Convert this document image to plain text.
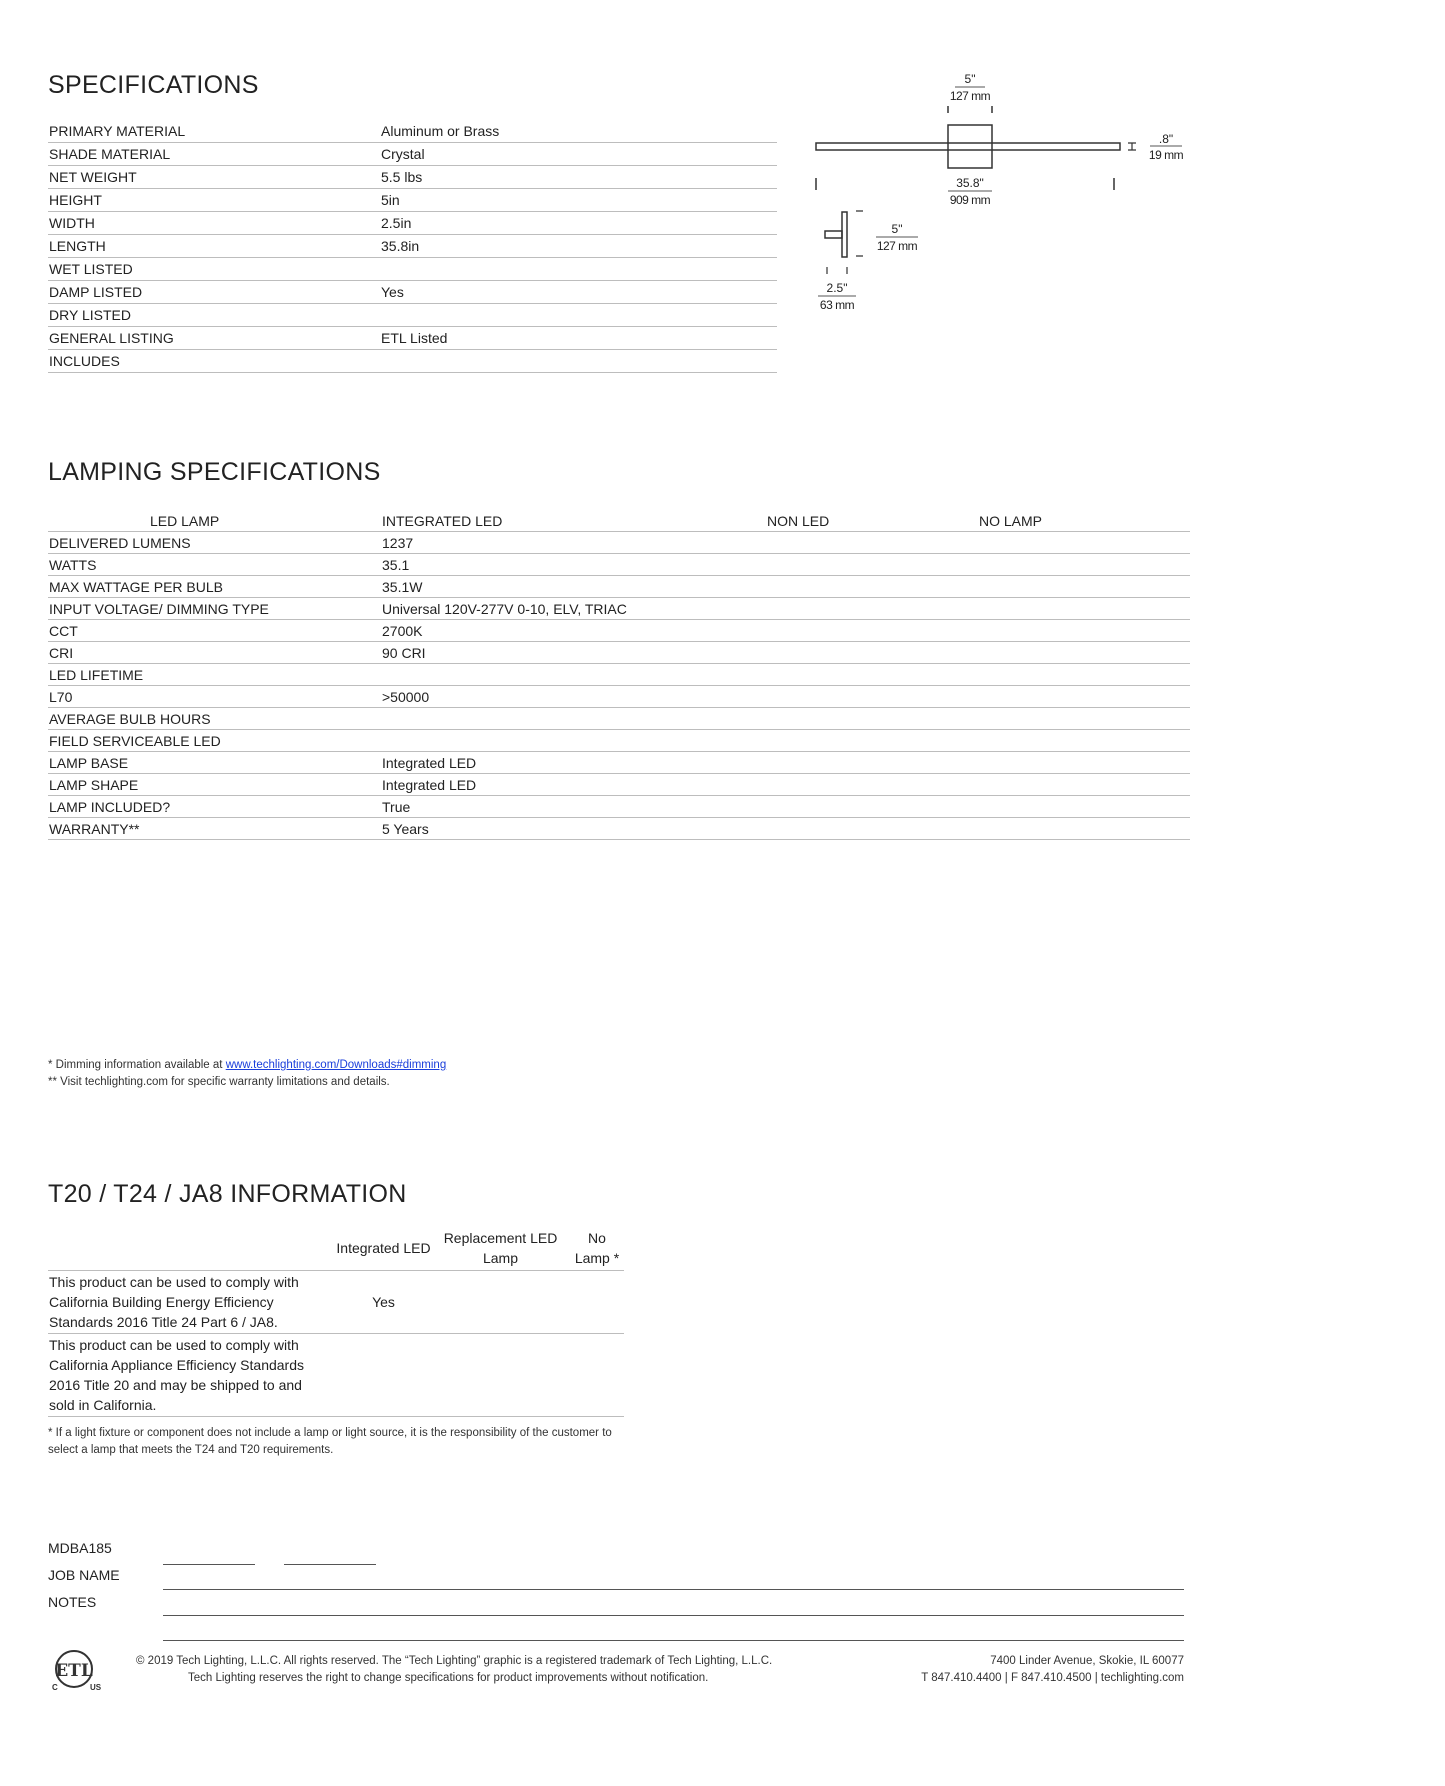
SPECIFICATIONS
PRIMARY MATERIAL	Aluminum or Brass
SHADE MATERIAL	Crystal
NET WEIGHT	5.5 lbs
HEIGHT	5in
WIDTH	2.5in
LENGTH	35.8in
WET LISTED	
DAMP LISTED	Yes
DRY LISTED	
GENERAL LISTING	ETL Listed
INCLUDES	
5"
127 mm
.8"
19 mm
35.8"
909 mm
5"
127 mm
2.5"
63 mm
LAMPING SPECIFICATIONS
LED LAMP	INTEGRATED LED	NON LED	NO LAMP
DELIVERED LUMENS	1237		
WATTS	35.1		
MAX WATTAGE PER BULB	35.1W		
INPUT VOLTAGE/ DIMMING TYPE	Universal 120V-277V 0-10, ELV, TRIAC		
CCT	2700K		
CRI	90 CRI		
LED LIFETIME			
L70	>50000		
AVERAGE BULB HOURS			
FIELD SERVICEABLE LED			
LAMP BASE	Integrated LED		
LAMP SHAPE	Integrated LED		
LAMP INCLUDED?	True		
WARRANTY**	5 Years		

* Dimming information available at www.techlighting.com/Downloads#dimming

** Visit techlighting.com for specific warranty limitations and details.

T20 / T24 / JA8 INFORMATION
	Integrated LED	Replacement LED Lamp	No Lamp *
This product can be used to comply with California Building Energy Efficiency Standards 2016 Title 24 Part 6 / JA8.	Yes		
This product can be used to comply with California Appliance Efficiency Standards 2016 Title 20 and may be shipped to and sold in California.			

* If a light fixture or component does not include a lamp or light source, it is the responsibility of the customer to select a lamp that meets the T24 and T20 requirements.

MDBA185
JOB NAME
NOTES
ETL
C	US
© 2019 Tech Lighting, L.L.C. All rights reserved. The “Tech Lighting” graphic is a registered trademark of Tech Lighting, L.L.C.
Tech Lighting reserves the right to change specifications for product improvements without notification.
7400 Linder Avenue, Skokie, IL 60077
T 847.410.4400 | F 847.410.4500 | techlighting.com
